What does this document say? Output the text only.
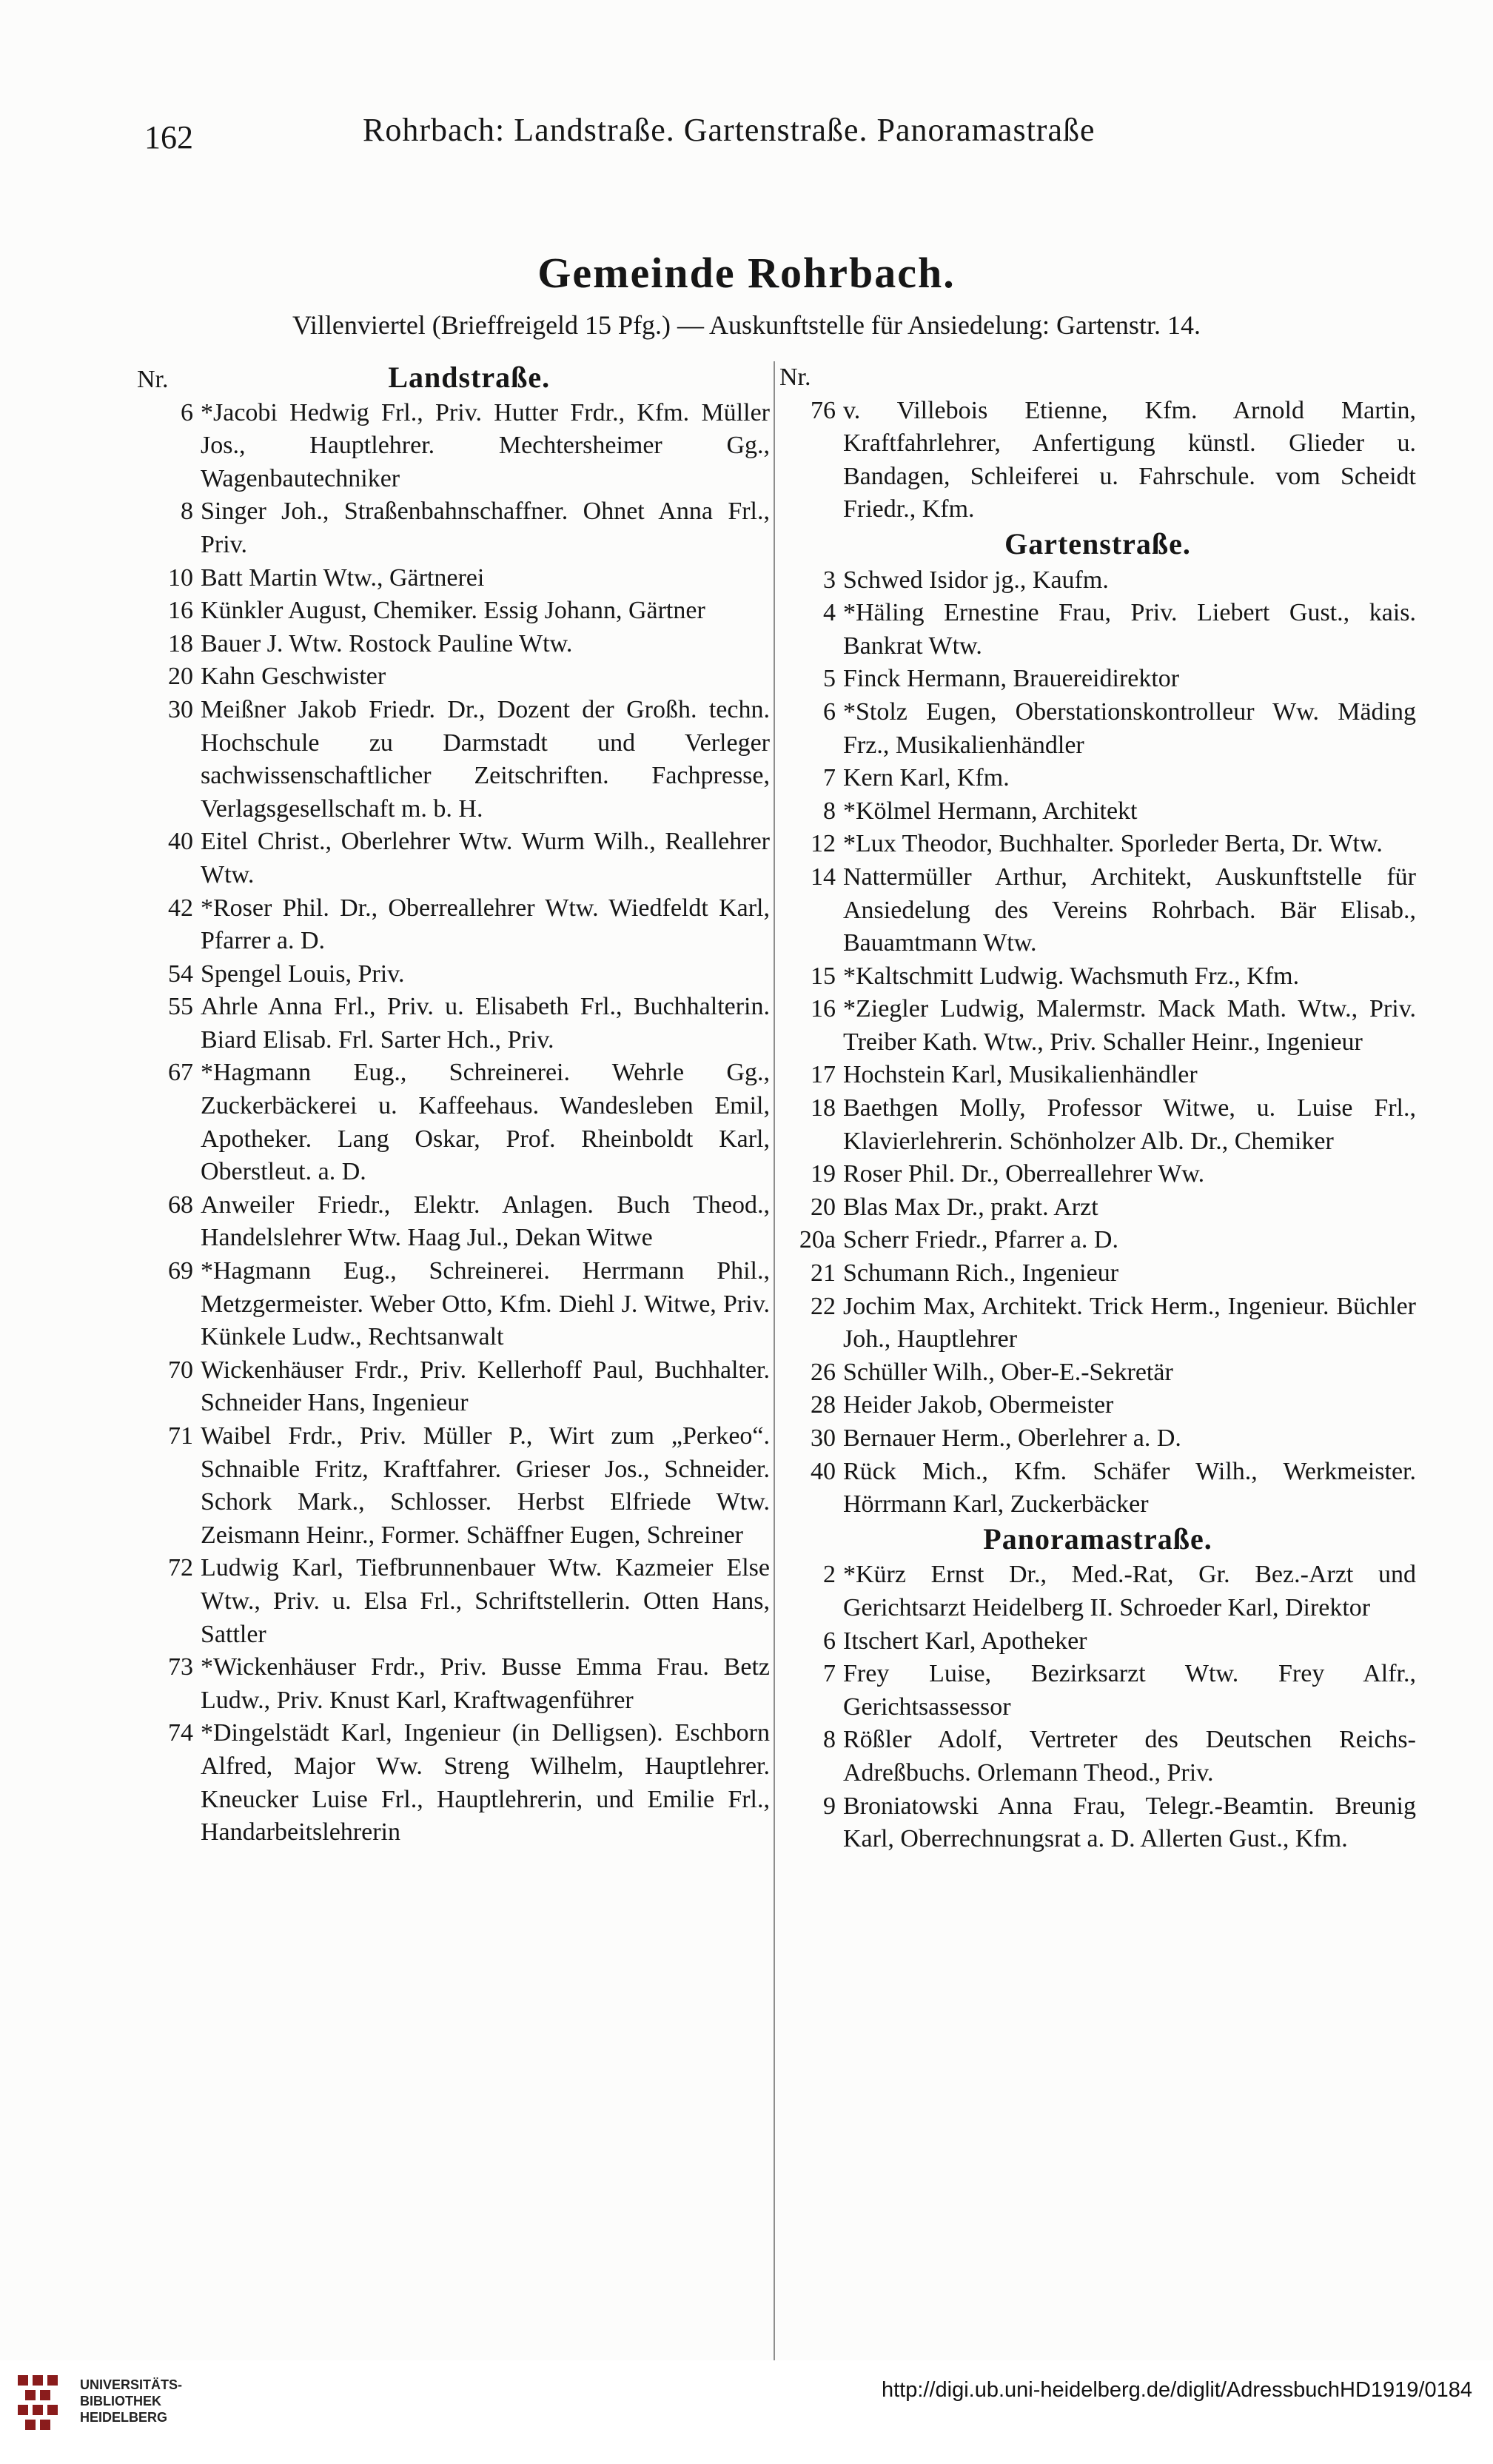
162	Rohrbach: Landstraße. Gartenstraße. Panoramastraße
Gemeinde Rohrbach.
Villenviertel (Brieffreigeld 15 Pfg.) — Auskunftstelle für Ansiedelung: Gartenstr. 14.
Nr.	Landstraße.
6 *Jacobi Hedwig Frl., Priv. Hutter Frdr., Kfm. Müller Jos., Hauptlehrer. Mechtersheimer Gg., Wagenbautechniker
8 Singer Joh., Straßenbahnschaffner. Ohnet Anna Frl., Priv.
10 Batt Martin Wtw., Gärtnerei
16 Künkler August, Chemiker. Essig Johann, Gärtner
18 Bauer J. Wtw. Rostock Pauline Wtw.
20 Kahn Geschwister
30 Meißner Jakob Friedr. Dr., Dozent der Großh. techn. Hochschule zu Darmstadt und Verleger sachwissenschaftlicher Zeitschriften. Fachpresse, Verlagsgesellschaft m. b. H.
40 Eitel Christ., Oberlehrer Wtw. Wurm Wilh., Reallehrer Wtw.
42 *Roser Phil. Dr., Oberreallehrer Wtw. Wiedfeldt Karl, Pfarrer a. D.
54 Spengel Louis, Priv.
55 Ahrle Anna Frl., Priv. u. Elisabeth Frl., Buchhalterin. Biard Elisab. Frl. Sarter Hch., Priv.
67 *Hagmann Eug., Schreinerei. Wehrle Gg., Zuckerbäckerei u. Kaffeehaus. Wandesleben Emil, Apotheker. Lang Oskar, Prof. Rheinboldt Karl, Oberstleut. a. D.
68 Anweiler Friedr., Elektr. Anlagen. Buch Theod., Handelslehrer Wtw. Haag Jul., Dekan Witwe
69 *Hagmann Eug., Schreinerei. Herrmann Phil., Metzgermeister. Weber Otto, Kfm. Diehl J. Witwe, Priv. Künkele Ludw., Rechtsanwalt
70 Wickenhäuser Frdr., Priv. Kellerhoff Paul, Buchhalter. Schneider Hans, Ingenieur
71 Waibel Frdr., Priv. Müller P., Wirt zum „Perkeo“. Schnaible Fritz, Kraftfahrer. Grieser Jos., Schneider. Schork Mark., Schlosser. Herbst Elfriede Wtw. Zeismann Heinr., Former. Schäffner Eugen, Schreiner
72 Ludwig Karl, Tiefbrunnenbauer Wtw. Kazmeier Else Wtw., Priv. u. Elsa Frl., Schriftstellerin. Otten Hans, Sattler
73 *Wickenhäuser Frdr., Priv. Busse Emma Frau. Betz Ludw., Priv. Knust Karl, Kraftwagenführer
74 *Dingelstädt Karl, Ingenieur (in Delligsen). Eschborn Alfred, Major Ww. Streng Wilhelm, Hauptlehrer. Kneucker Luise Frl., Hauptlehrerin, und Emilie Frl., Handarbeitslehrerin
Nr.
76 v. Villebois Etienne, Kfm. Arnold Martin, Kraftfahrlehrer, Anfertigung künstl. Glieder u. Bandagen, Schleiferei u. Fahrschule. vom Scheidt Friedr., Kfm.
Gartenstraße.
3 Schwed Isidor jg., Kaufm.
4 *Häling Ernestine Frau, Priv. Liebert Gust., kais. Bankrat Wtw.
5 Finck Hermann, Brauereidirektor
6 *Stolz Eugen, Oberstationskontrolleur Ww. Mäding Frz., Musikalienhändler
7 Kern Karl, Kfm.
8 *Kölmel Hermann, Architekt
12 *Lux Theodor, Buchhalter. Sporleder Berta, Dr. Wtw.
14 Nattermüller Arthur, Architekt, Auskunftstelle für Ansiedelung des Vereins Rohrbach. Bär Elisab., Bauamtmann Wtw.
15 *Kaltschmitt Ludwig. Wachsmuth Frz., Kfm.
16 *Ziegler Ludwig, Malermstr. Mack Math. Wtw., Priv. Treiber Kath. Wtw., Priv. Schaller Heinr., Ingenieur
17 Hochstein Karl, Musikalienhändler
18 Baethgen Molly, Professor Witwe, u. Luise Frl., Klavierlehrerin. Schönholzer Alb. Dr., Chemiker
19 Roser Phil. Dr., Oberreallehrer Ww.
20 Blas Max Dr., prakt. Arzt
20a Scherr Friedr., Pfarrer a. D.
21 Schumann Rich., Ingenieur
22 Jochim Max, Architekt. Trick Herm., Ingenieur. Büchler Joh., Hauptlehrer
26 Schüller Wilh., Ober-E.-Sekretär
28 Heider Jakob, Obermeister
30 Bernauer Herm., Oberlehrer a. D.
40 Rück Mich., Kfm. Schäfer Wilh., Werkmeister. Hörrmann Karl, Zuckerbäcker
Panoramastraße.
2 *Kürz Ernst Dr., Med.-Rat, Gr. Bez.-Arzt und Gerichtsarzt Heidelberg II. Schroeder Karl, Direktor
6 Itschert Karl, Apotheker
7 Frey Luise, Bezirksarzt Wtw. Frey Alfr., Gerichtsassessor
8 Rößler Adolf, Vertreter des Deutschen Reichs-Adreßbuchs. Orlemann Theod., Priv.
9 Broniatowski Anna Frau, Telegr.-Beamtin. Breunig Karl, Oberrechnungsrat a. D. Allerten Gust., Kfm.
UNIVERSITÄTS-
BIBLIOTHEK
HEIDELBERG
http://digi.ub.uni-heidelberg.de/diglit/AdressbuchHD1919/0184
